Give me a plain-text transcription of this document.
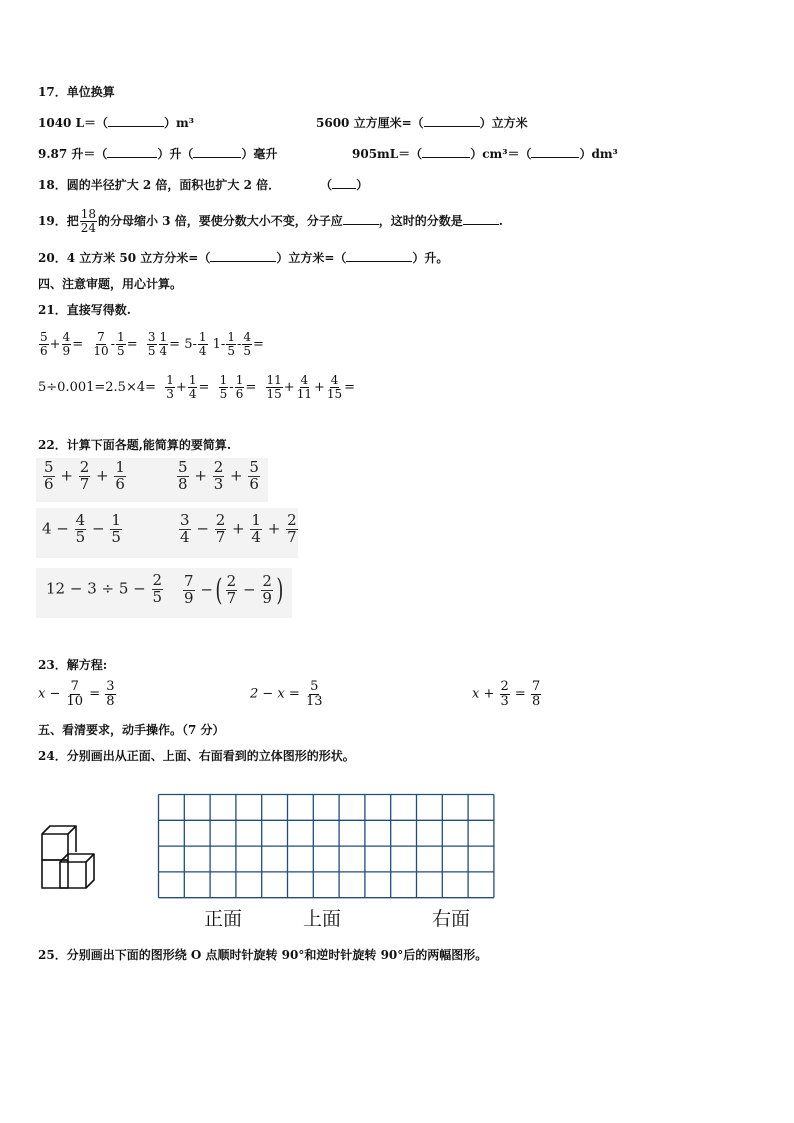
17．单位换算
1040 L＝（	）m³	5600 立方厘米=（	）立方米
9.87 升＝（	）升（	）毫升	905mL＝（	）cm³＝（	）dm³
18．圆的半径扩大 2 倍，面积也扩大 2 倍．	（ ）
19．把 $\frac{18}{24}$ 的分母缩小 3 倍，要使分数大小不变，分子应	，这时的分数是	.
20．4 立方米 50 立方分米=（	）立方米=（	）升。
四、注意审题，用心计算。
21．直接写得数.
$\frac{5}{6} + \frac{4}{9} = \frac{7}{10} - \frac{1}{5} = \frac{3}{5} \frac{1}{4} = 5- \frac{1}{4} 1- \frac{1}{5} - \frac{4}{5}$ =
$5\div 0.001=2.5\times 4= \frac{1}{3} + \frac{1}{4} = \frac{1}{5} - \frac{1}{6} = \frac{11}{15} + \frac{4}{11} + \frac{4}{15}$ =
22．计算下面各题,能简算的要简算.
$\frac{5}{6} + \frac{2}{7} + \frac{1}{6}$	$\frac{5}{8} + \frac{2}{3} + \frac{5}{6}$
$4 - \frac{4}{5} - \frac{1}{5}$	$\frac{3}{4} - \frac{2}{7} + \frac{1}{4} + \frac{2}{7}$
$12 - 3 \div 5 - \frac{2}{5} \frac{7}{9}$ −( $\frac{2}{7} - \frac{2}{9}$ )
23．解方程:
$x - \frac{7}{10} = \frac{3}{8}$	$2 - x = \frac{5}{13}$	$x + \frac{2}{3} = \frac{7}{8}$
五、看清要求，动手操作。（7 分）
24．分别画出从正面、上面、右面看到的立体图形的形状。
正面	上面	右面
25．分别画出下面的图形绕 O 点顺时针旋转 90°和逆时针旋转 90°后的两幅图形。
